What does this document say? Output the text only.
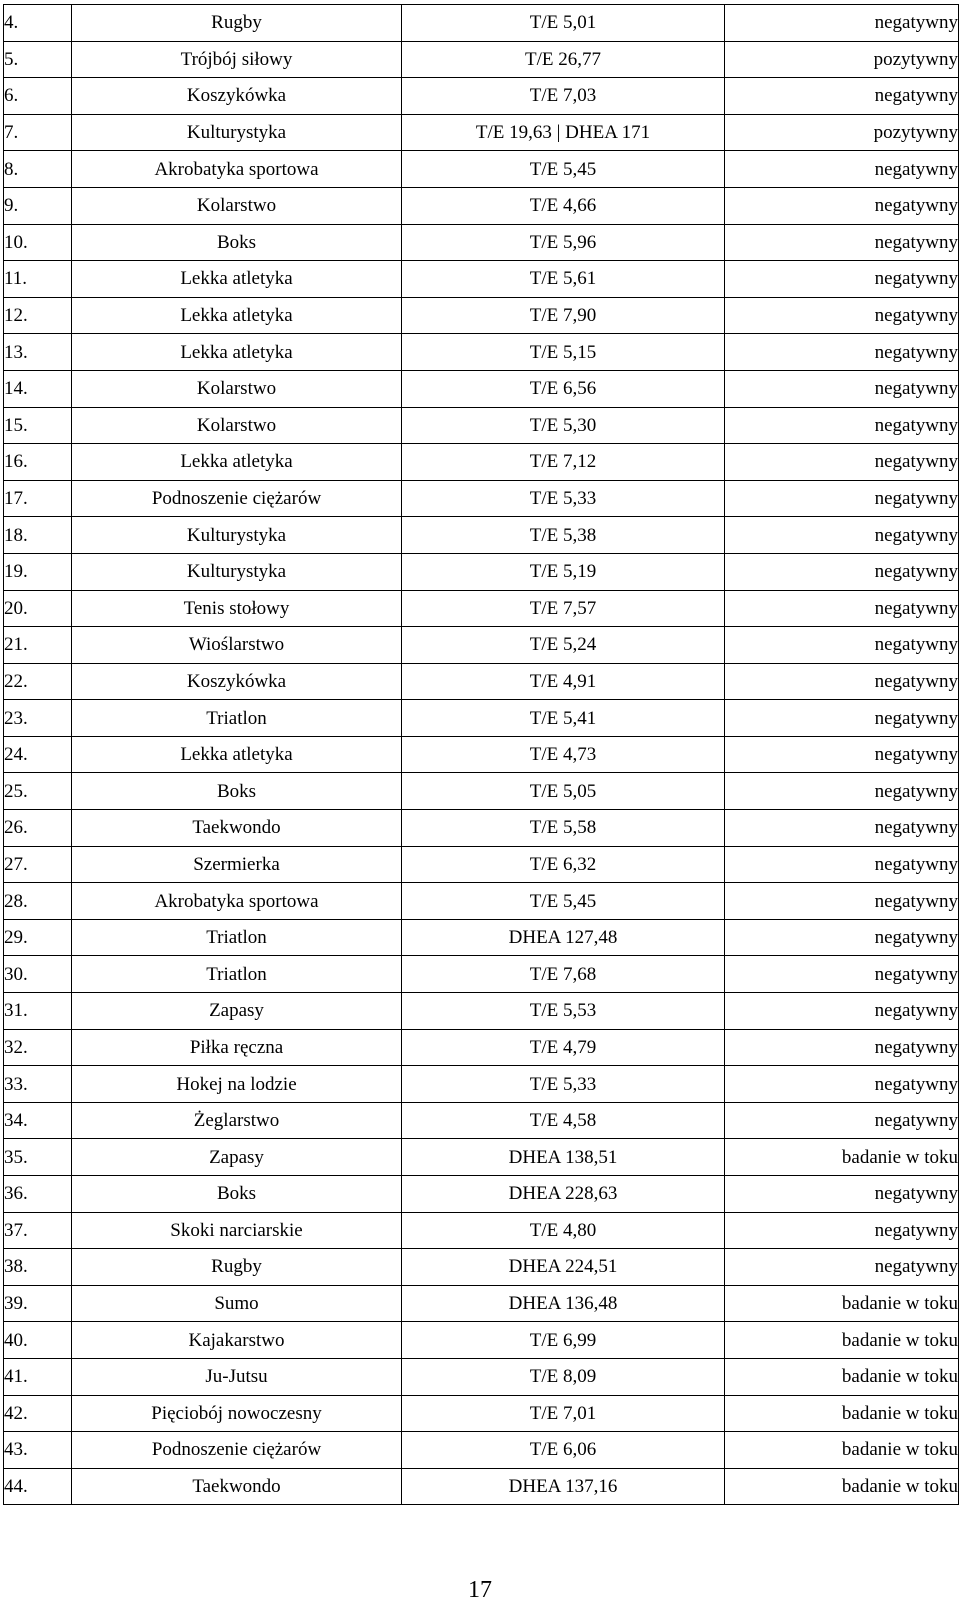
4.	Rugby	T/E 5,01	negatywny
5.	Trójbój siłowy	T/E 26,77	pozytywny
6.	Koszykówka	T/E 7,03	negatywny
7.	Kulturystyka	T/E 19,63 | DHEA 171	pozytywny
8.	Akrobatyka sportowa	T/E 5,45	negatywny
9.	Kolarstwo	T/E 4,66	negatywny
10.	Boks	T/E 5,96	negatywny
11.	Lekka atletyka	T/E 5,61	negatywny
12.	Lekka atletyka	T/E 7,90	negatywny
13.	Lekka atletyka	T/E 5,15	negatywny
14.	Kolarstwo	T/E 6,56	negatywny
15.	Kolarstwo	T/E 5,30	negatywny
16.	Lekka atletyka	T/E 7,12	negatywny
17.	Podnoszenie ciężarów	T/E 5,33	negatywny
18.	Kulturystyka	T/E 5,38	negatywny
19.	Kulturystyka	T/E 5,19	negatywny
20.	Tenis stołowy	T/E 7,57	negatywny
21.	Wioślarstwo	T/E 5,24	negatywny
22.	Koszykówka	T/E 4,91	negatywny
23.	Triatlon	T/E 5,41	negatywny
24.	Lekka atletyka	T/E 4,73	negatywny
25.	Boks	T/E 5,05	negatywny
26.	Taekwondo	T/E 5,58	negatywny
27.	Szermierka	T/E 6,32	negatywny
28.	Akrobatyka sportowa	T/E 5,45	negatywny
29.	Triatlon	DHEA 127,48	negatywny
30.	Triatlon	T/E 7,68	negatywny
31.	Zapasy	T/E 5,53	negatywny
32.	Piłka ręczna	T/E 4,79	negatywny
33.	Hokej na lodzie	T/E 5,33	negatywny
34.	Żeglarstwo	T/E 4,58	negatywny
35.	Zapasy	DHEA 138,51	badanie w toku
36.	Boks	DHEA 228,63	negatywny
37.	Skoki narciarskie	T/E 4,80	negatywny
38.	Rugby	DHEA 224,51	negatywny
39.	Sumo	DHEA 136,48	badanie w toku
40.	Kajakarstwo	T/E 6,99	badanie w toku
41.	Ju-Jutsu	T/E 8,09	badanie w toku
42.	Pięciobój nowoczesny	T/E 7,01	badanie w toku
43.	Podnoszenie ciężarów	T/E 6,06	badanie w toku
44.	Taekwondo	DHEA 137,16	badanie w toku
17
